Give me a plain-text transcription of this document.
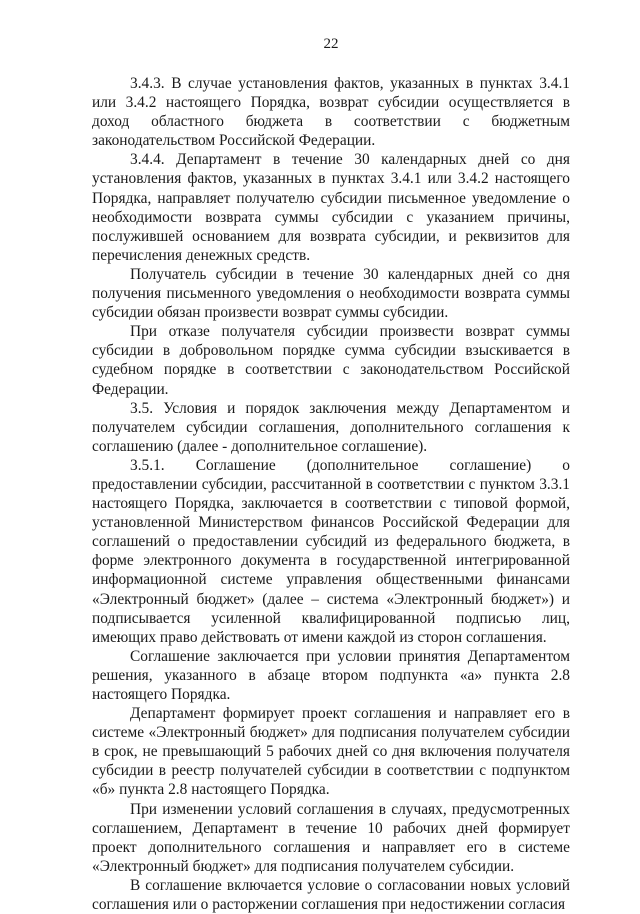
22

3.4.3. В случае установления фактов, указанных в пунктах 3.4.1 или 3.4.2 настоящего Порядка, возврат субсидии осуществляется в доход областного бюджета в соответствии с бюджетным законодательством Российской Федерации.

3.4.4. Департамент в течение 30 календарных дней со дня установления фактов, указанных в пунктах 3.4.1 или 3.4.2 настоящего Порядка, направляет получателю субсидии письменное уведомление о необходимости возврата суммы субсидии с указанием причины, послужившей основанием для возврата субсидии, и реквизитов для перечисления денежных средств.

Получатель субсидии в течение 30 календарных дней со дня получения письменного уведомления о необходимости возврата суммы субсидии обязан произвести возврат суммы субсидии.

При отказе получателя субсидии произвести возврат суммы субсидии в добровольном порядке сумма субсидии взыскивается в судебном порядке в соответствии с законодательством Российской Федерации.

3.5. Условия и порядок заключения между Департаментом и получателем субсидии соглашения, дополнительного соглашения к соглашению (далее - дополнительное соглашение).

3.5.1. Соглашение (дополнительное соглашение) о предоставлении субсидии, рассчитанной в соответствии с пунктом 3.3.1 настоящего Порядка, заключается в соответствии с типовой формой, установленной Министерством финансов Российской Федерации для соглашений о предоставлении субсидий из федерального бюджета, в форме электронного документа в государственной интегрированной информационной системе управления общественными финансами «Электронный бюджет» (далее – система «Электронный бюджет») и подписывается усиленной квалифицированной подписью лиц, имеющих право действовать от имени каждой из сторон соглашения.

Соглашение заключается при условии принятия Департаментом решения, указанного в абзаце втором подпункта «а» пункта 2.8 настоящего Порядка.

Департамент формирует проект соглашения и направляет его в системе «Электронный бюджет» для подписания получателем субсидии в срок, не превышающий 5 рабочих дней со дня включения получателя субсидии в реестр получателей субсидии в соответствии с подпунктом «б» пункта 2.8 настоящего Порядка.

При изменении условий соглашения в случаях, предусмотренных соглашением, Департамент в течение 10 рабочих дней формирует проект дополнительного соглашения и направляет его в системе «Электронный бюджет» для подписания получателем субсидии.

В соглашение включается условие о согласовании новых условий соглашения или о расторжении соглашения при недостижении согласия
